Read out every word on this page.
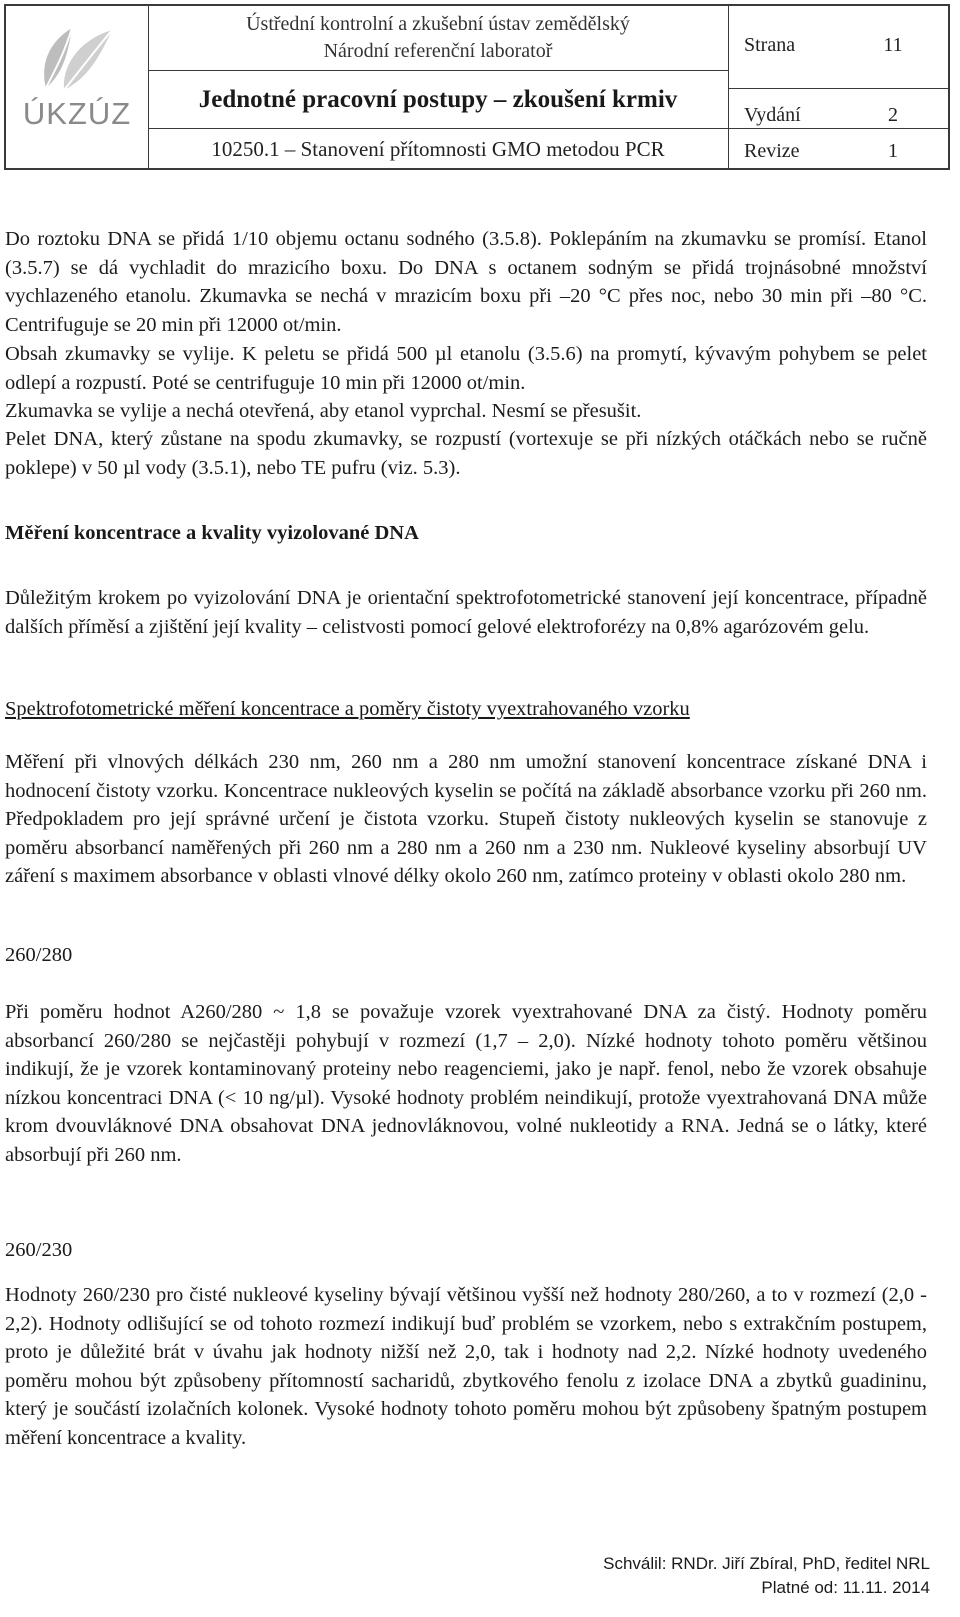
ÚKZÚZ
Ústřední kontrolní a zkušební ústav zemědělský
Národní referenční laboratoř
Jednotné pracovní postupy – zkoušení krmiv
10250.1 – Stanovení přítomnosti GMO metodou PCR
Strana	11
Vydání	2
Revize	1
Do roztoku DNA se přidá 1/10 objemu octanu sodného (3.5.8). Poklepáním na zkumavku se promísí. Etanol (3.5.7) se dá vychladit do mrazicího boxu. Do DNA s octanem sodným se přidá trojnásobné množství vychlazeného etanolu. Zkumavka se nechá v mrazicím boxu při –20 °C přes noc, nebo 30 min při –80 °C. Centrifuguje se 20 min při 12000 ot/min.
Obsah zkumavky se vylije. K peletu se přidá 500 µl etanolu (3.5.6) na promytí, kývavým pohybem se pelet odlepí a rozpustí. Poté se centrifuguje 10 min při 12000 ot/min.
Zkumavka se vylije a nechá otevřená, aby etanol vyprchal. Nesmí se přesušit.
Pelet DNA, který zůstane na spodu zkumavky, se rozpustí (vortexuje se při nízkých otáčkách nebo se ručně poklepe) v 50 µl vody (3.5.1), nebo TE pufru (viz. 5.3).
Měření koncentrace a kvality vyizolované DNA
Důležitým krokem po vyizolování DNA je orientační spektrofotometrické stanovení její koncentrace, případně dalších příměsí a zjištění její kvality – celistvosti pomocí gelové elektroforézy na 0,8% agarózovém gelu.
Spektrofotometrické měření koncentrace a poměry čistoty vyextrahovaného vzorku
Měření při vlnových délkách 230 nm, 260 nm a 280 nm umožní stanovení koncentrace získané DNA i hodnocení čistoty vzorku. Koncentrace nukleových kyselin se počítá na základě absorbance vzorku při 260 nm. Předpokladem pro její správné určení je čistota vzorku. Stupeň čistoty nukleových kyselin se stanovuje z poměru absorbancí naměřených při 260 nm a 280 nm a 260 nm a 230 nm. Nukleové kyseliny absorbují UV záření s maximem absorbance v oblasti vlnové délky okolo 260 nm, zatímco proteiny v oblasti okolo 280 nm.
260/280
Při poměru hodnot A260/280 ~ 1,8 se považuje vzorek vyextrahované DNA za čistý. Hodnoty poměru absorbancí 260/280 se nejčastěji pohybují v rozmezí (1,7 – 2,0). Nízké hodnoty tohoto poměru většinou indikují, že je vzorek kontaminovaný proteiny nebo reagenciemi, jako je např. fenol, nebo že vzorek obsahuje nízkou koncentraci DNA (< 10 ng/µl). Vysoké hodnoty problém neindikují, protože vyextrahovaná DNA může krom dvouvláknové DNA obsahovat DNA jednovláknovou, volné nukleotidy a RNA. Jedná se o látky, které absorbují při 260 nm.
260/230
Hodnoty 260/230 pro čisté nukleové kyseliny bývají většinou vyšší než hodnoty 280/260, a to v rozmezí (2,0 - 2,2). Hodnoty odlišující se od tohoto rozmezí indikují buď problém se vzorkem, nebo s extrakčním postupem, proto je důležité brát v úvahu jak hodnoty nižší než 2,0, tak i hodnoty nad 2,2. Nízké hodnoty uvedeného poměru mohou být způsobeny přítomností sacharidů, zbytkového fenolu z izolace DNA a zbytků guadininu, který je součástí izolačních kolonek. Vysoké hodnoty tohoto poměru mohou být způsobeny špatným postupem měření koncentrace a kvality.
Schválil: RNDr. Jiří Zbíral, PhD, ředitel NRL
Platné od: 11.11. 2014
